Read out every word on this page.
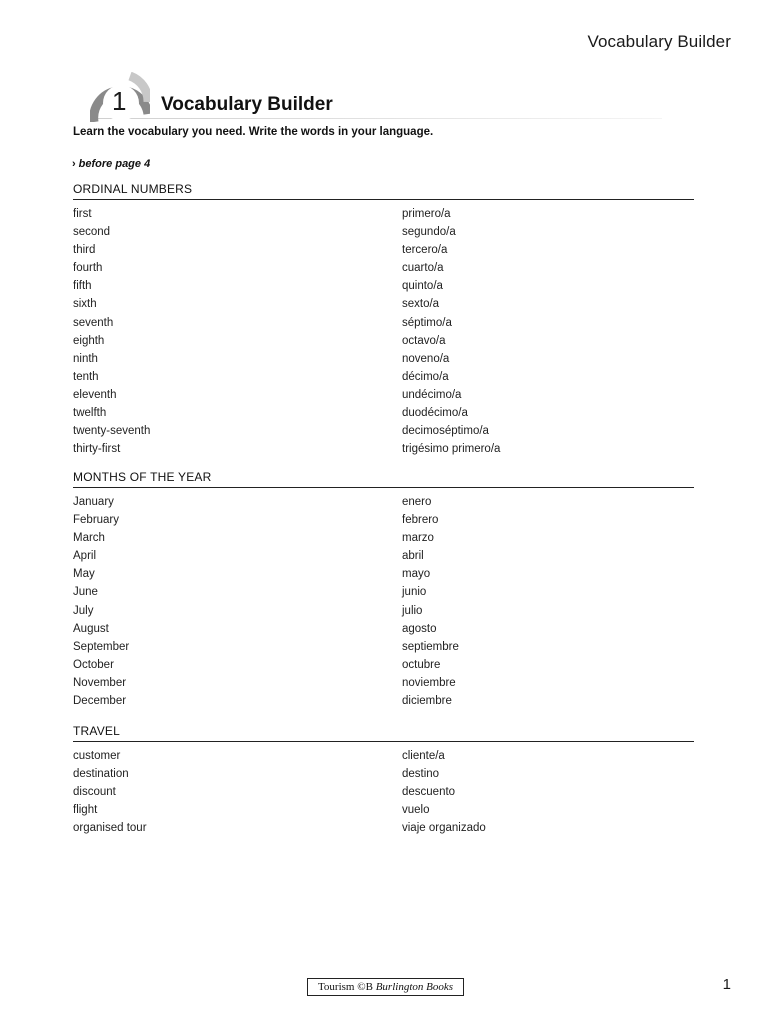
Vocabulary Builder
1 Vocabulary Builder
Learn the vocabulary you need. Write the words in your language.
› before page 4
ORDINAL NUMBERS
first	primero/a
second	segundo/a
third	tercero/a
fourth	cuarto/a
fifth	quinto/a
sixth	sexto/a
seventh	séptimo/a
eighth	octavo/a
ninth	noveno/a
tenth	décimo/a
eleventh	undécimo/a
twelfth	duodécimo/a
twenty-seventh	decimoséptimo/a
thirty-first	trigésimo primero/a
MONTHS OF THE YEAR
January	enero
February	febrero
March	marzo
April	abril
May	mayo
June	junio
July	julio
August	agosto
September	septiembre
October	octubre
November	noviembre
December	diciembre
TRAVEL
customer	cliente/a
destination	destino
discount	descuento
flight	vuelo
organised tour	viaje organizado
Tourism ©B Burlington Books	1
